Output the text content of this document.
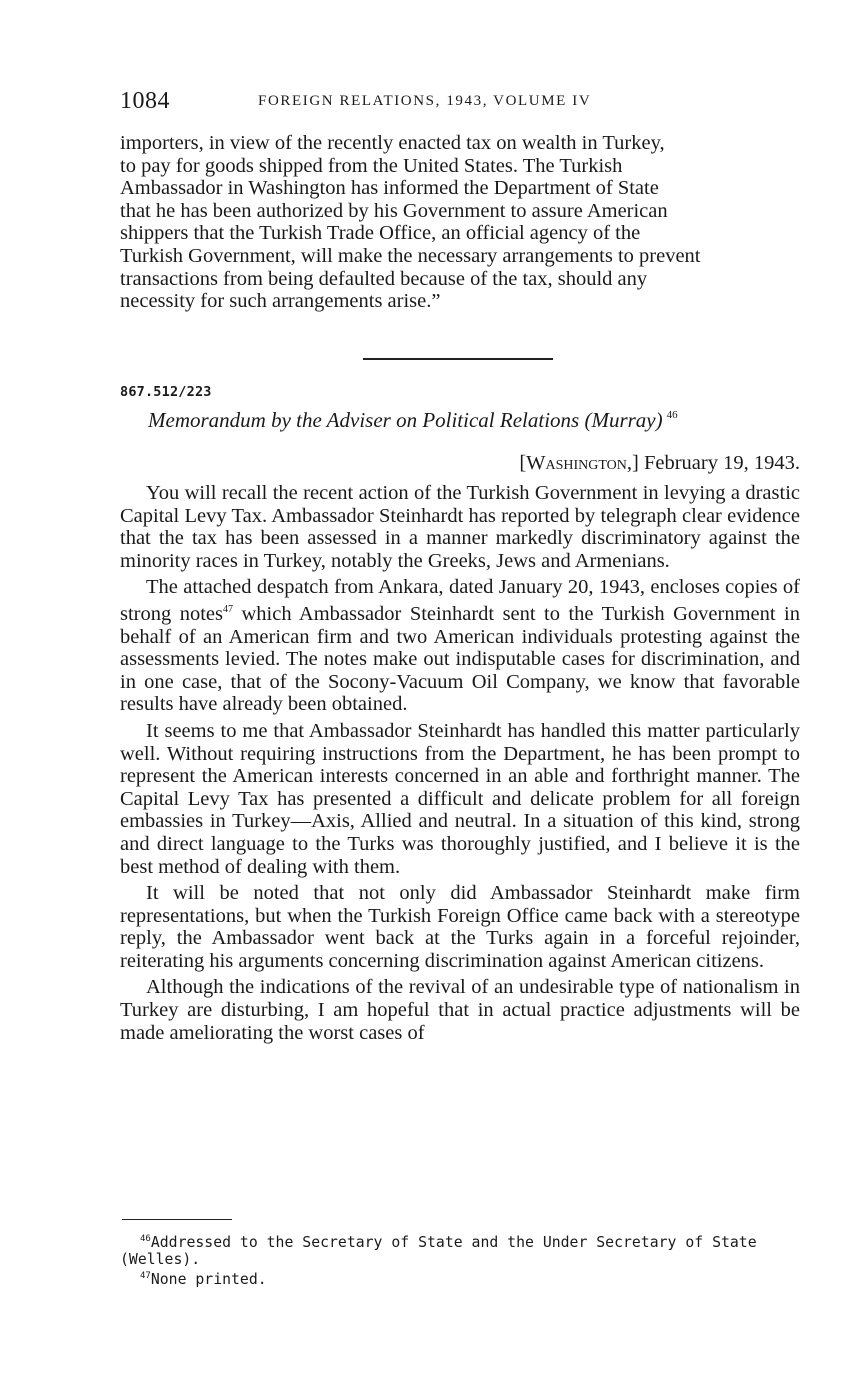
1084	FOREIGN RELATIONS, 1943, VOLUME IV

importers, in view of the recently enacted tax on wealth in Turkey,

to pay for goods shipped from the United States. The Turkish

Ambassador in Washington has informed the Department of State

that he has been authorized by his Government to assure American

shippers that the Turkish Trade Office, an official agency of the

Turkish Government, will make the necessary arrangements to prevent

transactions from being defaulted because of the tax, should any

necessity for such arrangements arise.”

867.512/223
Memorandum by the Adviser on Political Relations (Murray) $^{46}$
[Washington,] February 19, 1943.

You will recall the recent action of the Turkish Government in levying a drastic Capital Levy Tax. Ambassador Steinhardt has reported by telegraph clear evidence that the tax has been assessed in a manner markedly discriminatory against the minority races in Turkey, notably the Greeks, Jews and Armenians.

The attached despatch from Ankara, dated January 20, 1943, encloses copies of strong notes$^{47}$ which Ambassador Steinhardt sent to the Turkish Government in behalf of an American firm and two American individuals protesting against the assessments levied. The notes make out indisputable cases for discrimination, and in one case, that of the Socony-Vacuum Oil Company, we know that favorable results have already been obtained.

It seems to me that Ambassador Steinhardt has handled this matter particularly well. Without requiring instructions from the Department, he has been prompt to represent the American interests concerned in an able and forthright manner. The Capital Levy Tax has presented a difficult and delicate problem for all foreign embassies in Turkey—Axis, Allied and neutral. In a situation of this kind, strong and direct language to the Turks was thoroughly justified, and I believe it is the best method of dealing with them.

It will be noted that not only did Ambassador Steinhardt make firm representations, but when the Turkish Foreign Office came back with a stereotype reply, the Ambassador went back at the Turks again in a forceful rejoinder, reiterating his arguments concerning discrimination against American citizens.

Although the indications of the revival of an undesirable type of nationalism in Turkey are disturbing, I am hopeful that in actual practice adjustments will be made ameliorating the worst cases of

$^{46}$Addressed to the Secretary of State and the Under Secretary of State

(Welles).

$^{47}$None printed.
